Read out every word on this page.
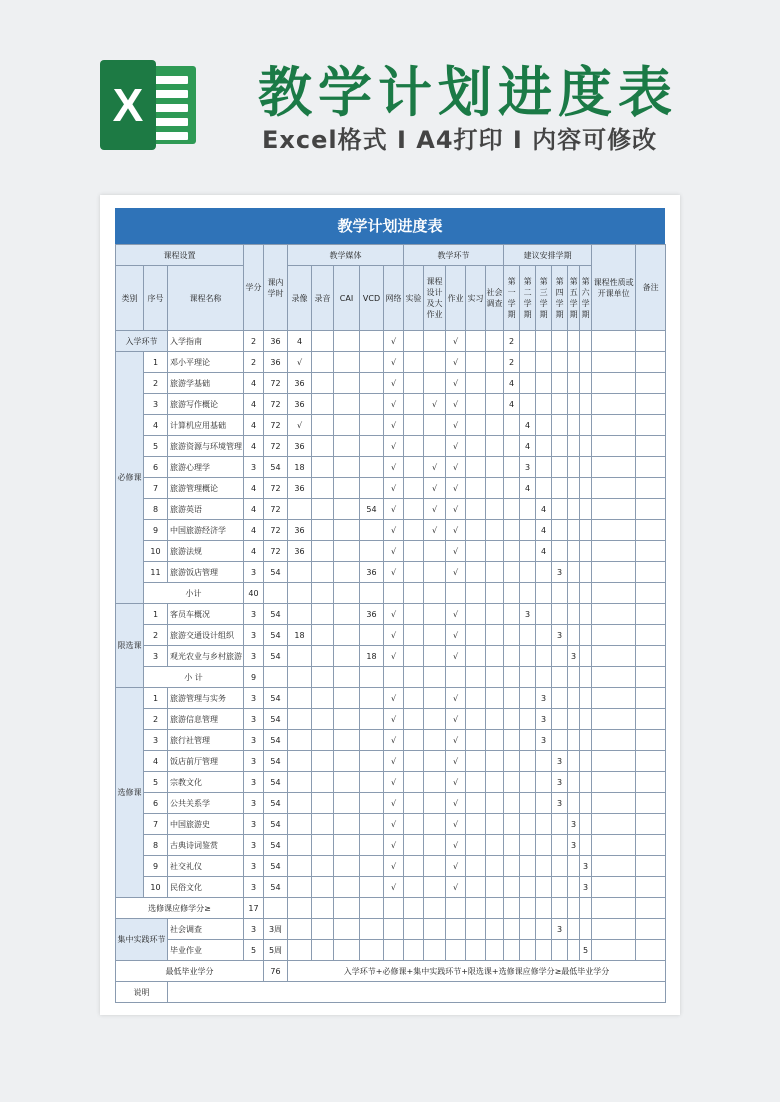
X 教学计划进度表
Excel格式 I A4打印 I 内容可修改
教学计划进度表
课程设置			学分	课内学时	教学媒体					教学环节					建议安排学期						课程性质或开课单位	备注
类别	序号	课程名称			录像	录音	CAI	VCD	网络	实验	课程设计及大作业	作业	实习	社会调查	第一学期	第二学期	第三学期	第四学期	第五学期	第六学期		
入学环节		入学指南	2	36	4				√			√			2							
必修课	1	邓小平理论	2	36	√				√			√			2							
	2	旅游学基础	4	72	36				√			√			4							
	3	旅游写作概论	4	72	36				√		√	√			4							
	4	计算机应用基础	4	72	√				√			√				4						
	5	旅游资源与环境管理	4	72	36				√			√				4						
	6	旅游心理学	3	54	18				√		√	√				3						
	7	旅游管理概论	4	72	36				√		√	√				4						
	8	旅游英语	4	72				54	√		√	√					4					
	9	中国旅游经济学	4	72	36				√		√	√					4					
	10	旅游法规	4	72	36				√			√					4					
	11	旅游饭店管理	3	54				36	√			√						3				
	小计		40																			
限选课	1	客员车概况	3	54				36	√			√				3						
	2	旅游交通设计组织	3	54	18				√			√						3				
	3	观光农业与乡村旅游	3	54				18	√			√							3			
	小 计		9																			
选修课	1	旅游管理与实务	3	54					√			√					3					
	2	旅游信息管理	3	54					√			√					3					
	3	旅行社管理	3	54					√			√					3					
	4	饭店前厅管理	3	54					√			√						3				
	5	宗教文化	3	54					√			√						3				
	6	公共关系学	3	54					√			√						3				
	7	中国旅游史	3	54					√			√							3			
	8	古典诗词鉴赏	3	54					√			√							3			
	9	社交礼仪	3	54					√			√								3		
	10	民俗文化	3	54					√			√								3		
选修课应修学分≥			17																			
集中实践环节		社会调查	3	3周														3				
		毕业作业	5	5周																5		
最低毕业学分				76	入学环节+必修课+集中实践环节+限选课+选修课应修学分≥最低毕业学分																	
说明																						
